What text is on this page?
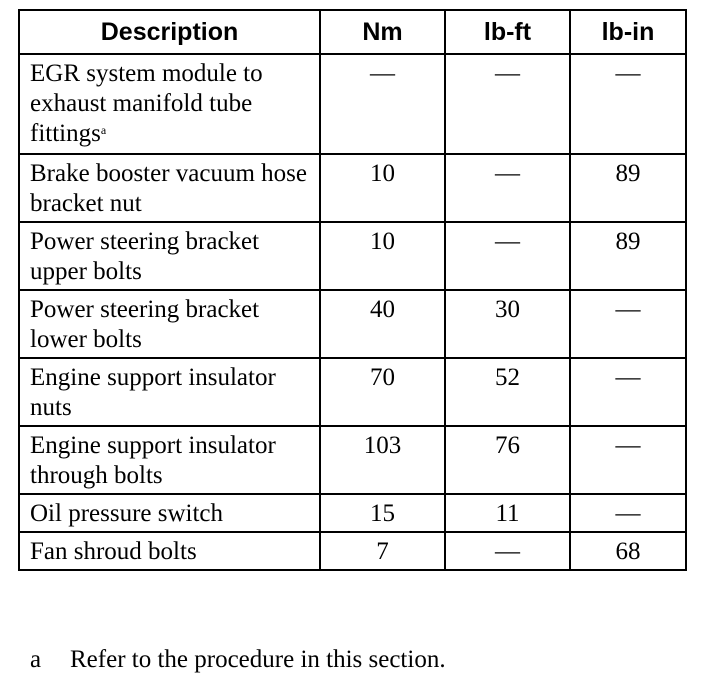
Description	Nm	lb-ft	lb-in
EGR system module to exhaust manifold tube fittings$^a$	—	—	—
Brake booster vacuum hose bracket nut	10	—	89
Power steering bracket upper bolts	10	—	89
Power steering bracket lower bolts	40	30	—
Engine support insulator nuts	70	52	—
Engine support insulator through bolts	103	76	—
Oil pressure switch	15	11	—
Fan shroud bolts	7	—	68
a Refer to the procedure in this section.
